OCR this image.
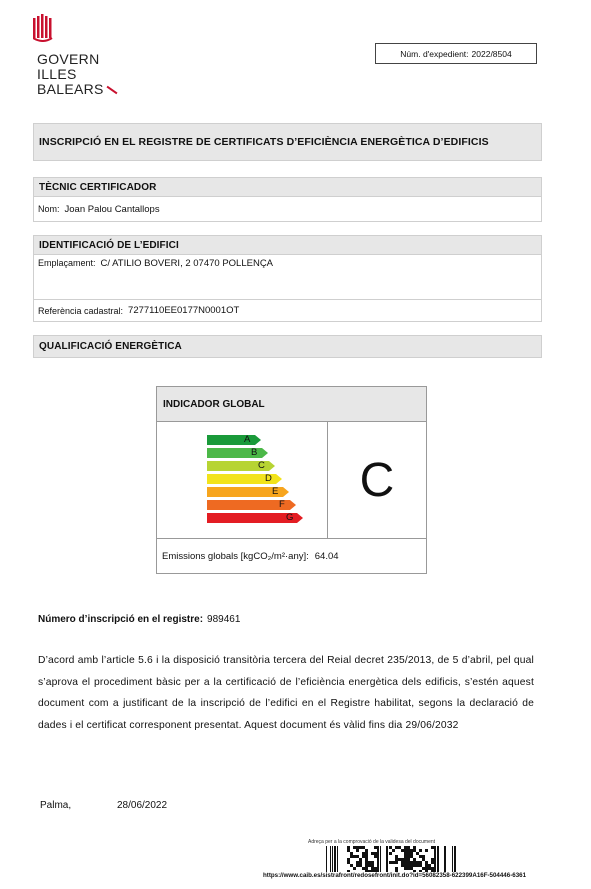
GOVERN
ILLES
BALEARS
Núm. d'expedient: 2022/8504
INSCRIPCIÓ EN EL REGISTRE DE CERTIFICATS D’EFICIÈNCIA ENERGÈTICA D’EDIFICIS
TÈCNIC CERTIFICADOR
Nom: Joan Palou Cantallops
IDENTIFICACIÓ DE L’EDIFICI
Emplaçament: C/ ATILIO BOVERI, 2 07470 POLLENÇA
Referència cadastral: 7277110EE0177N0001OT
QUALIFICACIÓ ENERGÈTICA
INDICADOR GLOBAL
A
B
C
D
E
F
G
C
Emissions globals [kgCO₂/m²·any]: 64.04
Número d’inscripció en el registre: 989461
D’acord amb l’article 5.6 i la disposició transitòria tercera del Reial decret 235/2013, de 5 d’abril, pel qual s’aprova el procediment bàsic per a la certificació de l’eficiència energètica dels edificis, s’estén aquest document com a justificant de la inscripció de l’edifici en el Registre habilitat, segons la declaració de dades i el certificat corresponent presentat. Aquest document és vàlid fins dia 29/06/2032
Palma,	28/06/2022
Adreça per a la comprovació de la validesa del document
https://www.caib.es/sistrafront/redosefront/init.do?id=56082358-622399A16F-504446-6361
